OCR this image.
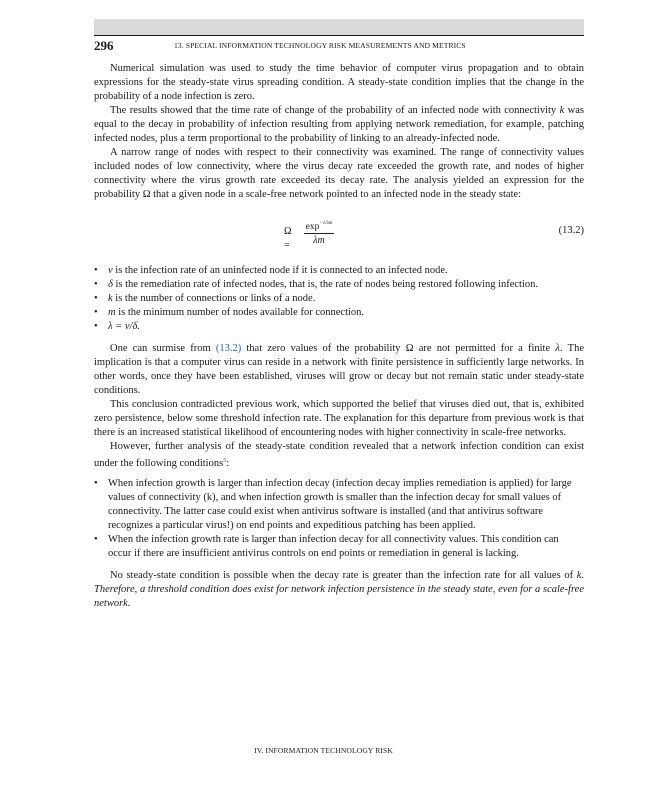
296	13. SPECIAL INFORMATION TECHNOLOGY RISK MEASUREMENTS AND METRICS

Numerical simulation was used to study the time behavior of computer virus propagation and to obtain expressions for the steady-state virus spreading condition. A steady-state condition implies that the change in the probability of a node infection is zero.

The results showed that the time rate of change of the probability of an infected node with connectivity k was equal to the decay in probability of infection resulting from applying network remediation, for example, patching infected nodes, plus a term proportional to the probability of linking to an already-infected node.

A narrow range of nodes with respect to their connectivity was examined. The range of connectivity values included nodes of low connectivity, where the virus decay rate exceeded the growth rate, and nodes of higher connectivity where the virus growth rate exceeded its decay rate. The analysis yielded an expression for the probability Ω that a given node in a scale-free network pointed to an infected node in the steady state:

Ω =
$\exp^{-1/\lambda m}$
λm
(13.2)
• ν is the infection rate of an uninfected node if it is connected to an infected node.
• δ is the remediation rate of infected nodes, that is, the rate of nodes being restored following infection.
• k is the number of connections or links of a node.
• m is the minimum number of nodes available for connection.
• λ = ν/δ.

One can surmise from (13.2) that zero values of the probability Ω are not permitted for a finite λ. The implication is that a computer virus can reside in a network with finite persistence in sufficiently large networks. In other words, once they have been established, viruses will grow or decay but not remain static under steady-state conditions.

This conclusion contradicted previous work, which supported the belief that viruses died out, that is, exhibited zero persistence, below some threshold infection rate. The explanation for this departure from previous work is that there is an increased statistical likelihood of encountering nodes with higher connectivity in scale-free networks.

However, further analysis of the steady-state condition revealed that a network infection condition can exist under the following conditions$^5$:

• When infection growth is larger than infection decay (infection decay implies remediation is applied) for large values of connectivity (k), and when infection growth is smaller than the infection decay for small values of connectivity. The latter case could exist when antivirus software is installed (and that antivirus software recognizes a particular virus!) on end points and expeditious patching has been applied.
• When the infection growth rate is larger than infection decay for all connectivity values. This condition can occur if there are insufficient antivirus controls on end points or remediation in general is lacking.

No steady-state condition is possible when the decay rate is greater than the infection rate for all values of k. Therefore, a threshold condition does exist for network infection persistence in the steady state, even for a scale-free network.

IV. INFORMATION TECHNOLOGY RISK
